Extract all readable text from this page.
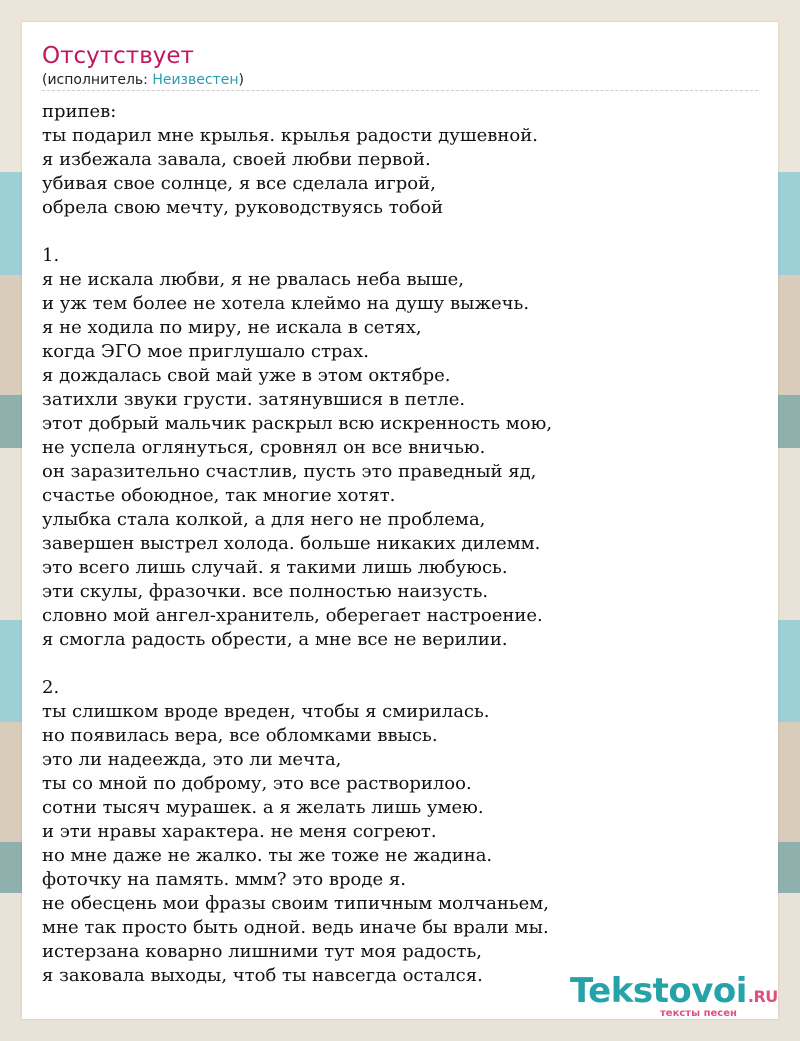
Отсутствует
(исполнитель: Неизвестен)
припев:
ты подарил мне крылья. крылья радости душевной.
я избежала завала, своей любви первой.
убивая свое солнце, я все сделала игрой,
обрела свою мечту, руководствуясь тобой
1.
я не искала любви, я не рвалась неба выше,
и уж тем более не хотела клеймо на душу выжечь.
я не ходила по миру, не искала в сетях,
когда ЭГО мое приглушало страх.
я дождалась свой май уже в этом октябре.
затихли звуки грусти. затянувшися в петле.
этот добрый мальчик раскрыл всю искренность мою,
не успела оглянуться, сровнял он все вничью.
он заразительно счастлив, пусть это праведный яд,
счастье обоюдное, так многие хотят.
улыбка стала колкой, а для него не проблема,
завершен выстрел холода. больше никаких дилемм.
это всего лишь случай. я такими лишь любуюсь.
эти скулы, фразочки. все полностью наизусть.
словно мой ангел-хранитель, оберегает настроение.
я смогла радость обрести, а мне все не верилии.
2.
ты слишком вроде вреден, чтобы я смирилась.
но появилась вера, все обломками ввысь.
это ли надеежда, это ли мечта,
ты со мной по доброму, это все растворилоо.
сотни тысяч мурашек. а я желать лишь умею.
и эти нравы характера. не меня согреют.
но мне даже не жалко. ты же тоже не жадина.
фоточку на память. ммм? это вроде я.
не обесцень мои фразы своим типичным молчаньем,
мне так просто быть одной. ведь иначе бы врали мы.
истерзана коварно лишними тут моя радость,
я заковала выходы, чтоб ты навсегда остался.	Tekstovoi.RU
тексты песен
